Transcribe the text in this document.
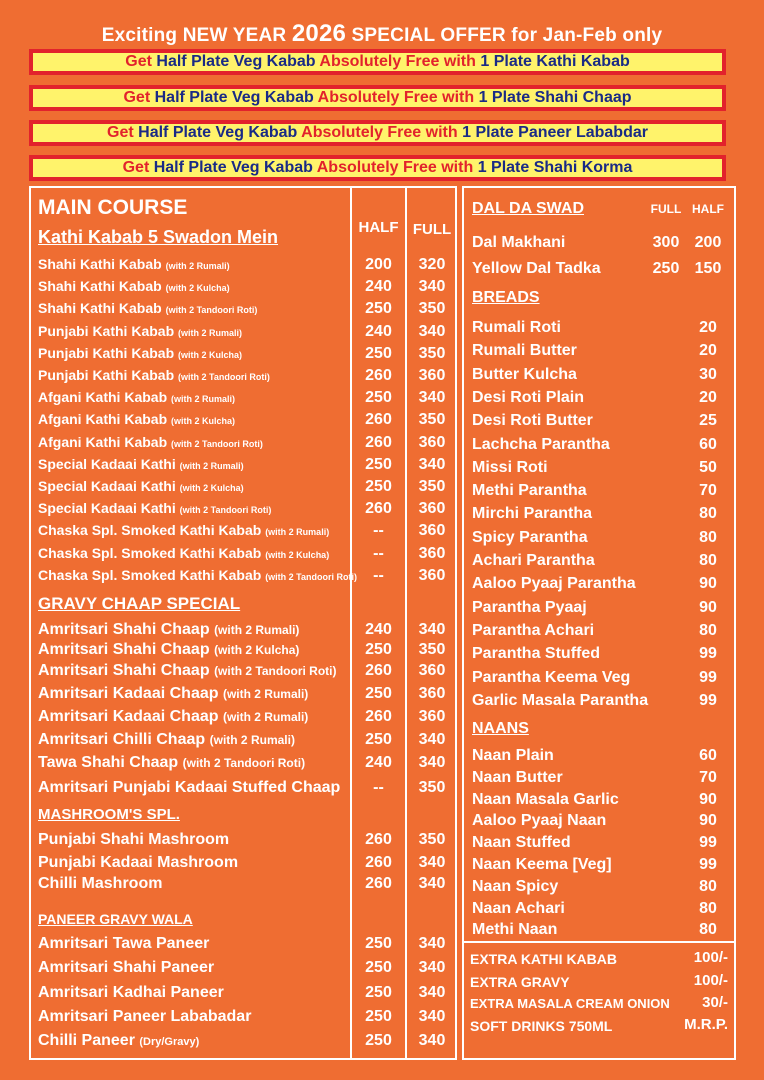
Exciting NEW YEAR 2026 SPECIAL OFFER for Jan-Feb only
Get Half Plate Veg Kabab Absolutely Free with 1 Plate Kathi Kabab
Get Half Plate Veg Kabab Absolutely Free with 1 Plate Shahi Chaap
Get Half Plate Veg Kabab Absolutely Free with 1 Plate Paneer Lababdar
Get Half Plate Veg Kabab Absolutely Free with 1 Plate Shahi Korma
MAIN COURSE
Kathi Kabab 5 Swadon Mein	HALF FULL
Shahi Kathi Kabab (with 2 Rumali)	200	320
Shahi Kathi Kabab (with 2 Kulcha)	240	340
Shahi Kathi Kabab (with 2 Tandoori Roti)	250	350
Punjabi Kathi Kabab (with 2 Rumali)	240	340
Punjabi Kathi Kabab (with 2 Kulcha)	250	350
Punjabi Kathi Kabab (with 2 Tandoori Roti)	260	360
Afgani Kathi Kabab (with 2 Rumali)	250	340
Afgani Kathi Kabab (with 2 Kulcha)	260	350
Afgani Kathi Kabab (with 2 Tandoori Roti)	260	360
Special Kadaai Kathi (with 2 Rumali)	250	340
Special Kadaai Kathi (with 2 Kulcha)	250	350
Special Kadaai Kathi (with 2 Tandoori Roti)	260	360
Chaska Spl. Smoked Kathi Kabab (with 2 Rumali)	--	360
Chaska Spl. Smoked Kathi Kabab (with 2 Kulcha)	--	360
Chaska Spl. Smoked Kathi Kabab (with 2 Tandoori Roti)	--	360
GRAVY CHAAP SPECIAL
Amritsari Shahi Chaap (with 2 Rumali)	240	340
Amritsari Shahi Chaap (with 2 Kulcha)	250	350
Amritsari Shahi Chaap (with 2 Tandoori Roti)	260	360
Amritsari Kadaai Chaap (with 2 Rumali)	250	360
Amritsari Kadaai Chaap (with 2 Rumali)	260	360
Amritsari Chilli Chaap (with 2 Rumali)	250	340
Tawa Shahi Chaap (with 2 Tandoori Roti)	240	340
Amritsari Punjabi Kadaai Stuffed Chaap	--	350
MASHROOM'S SPL.
Punjabi Shahi Mashroom	260	350
Punjabi Kadaai Mashroom	260	340
Chilli Mashroom	260	340
PANEER GRAVY WALA
Amritsari Tawa Paneer	250	340
Amritsari Shahi Paneer	250	340
Amritsari Kadhai Paneer	250	340
Amritsari Paneer Lababadar	250	340
Chilli Paneer (Dry/Gravy)	250	340
DAL DA SWAD	FULL HALF
Dal Makhani	300 200
Yellow Dal Tadka	250 150
BREADS
Rumali Roti	20
Rumali Butter	20
Butter Kulcha	30
Desi Roti Plain	20
Desi Roti Butter	25
Lachcha Parantha	60
Missi Roti	50
Methi Parantha	70
Mirchi Parantha	80
Spicy Parantha	80
Achari Parantha	80
Aaloo Pyaaj Parantha	90
Parantha Pyaaj	90
Parantha Achari	80
Parantha Stuffed	99
Parantha Keema Veg	99
Garlic Masala Parantha	99
NAANS
Naan Plain	60
Naan Butter	70
Naan Masala Garlic	90
Aaloo Pyaaj Naan	90
Naan Stuffed	99
Naan Keema [Veg]	99
Naan Spicy	80
Naan Achari	80
Methi Naan	80
EXTRA KATHI KABAB	100/-
EXTRA GRAVY	100/-
EXTRA MASALA CREAM ONION 30/-
SOFT DRINKS 750ML	M.R.P.
